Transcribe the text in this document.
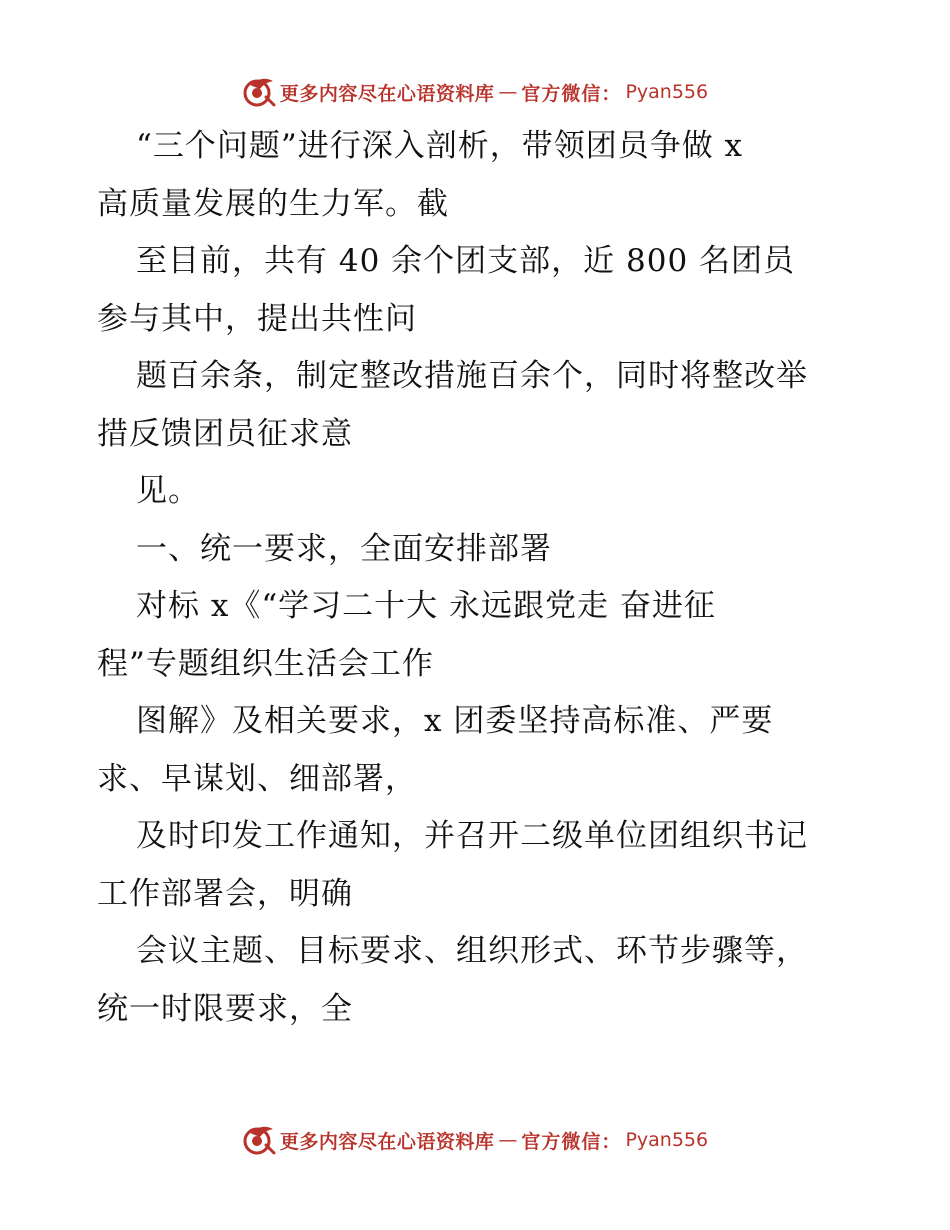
更多内容尽在心语资料库 — 官方微信： Pyan556
“三个问题”进行深入剖析，带领团员争做 x
高质量发展的生力军。截
至目前，共有 40 余个团支部，近 800 名团员
参与其中，提出共性问
题百余条，制定整改措施百余个，同时将整改举
措反馈团员征求意
见。
一、统一要求，全面安排部署
对标 x《“学习二十大 永远跟党走 奋进征
程”专题组织生活会工作
图解》及相关要求，x 团委坚持高标准、严要
求、早谋划、细部署，
及时印发工作通知，并召开二级单位团组织书记
工作部署会，明确
会议主题、目标要求、组织形式、环节步骤等，
统一时限要求，全
更多内容尽在心语资料库 — 官方微信： Pyan556
